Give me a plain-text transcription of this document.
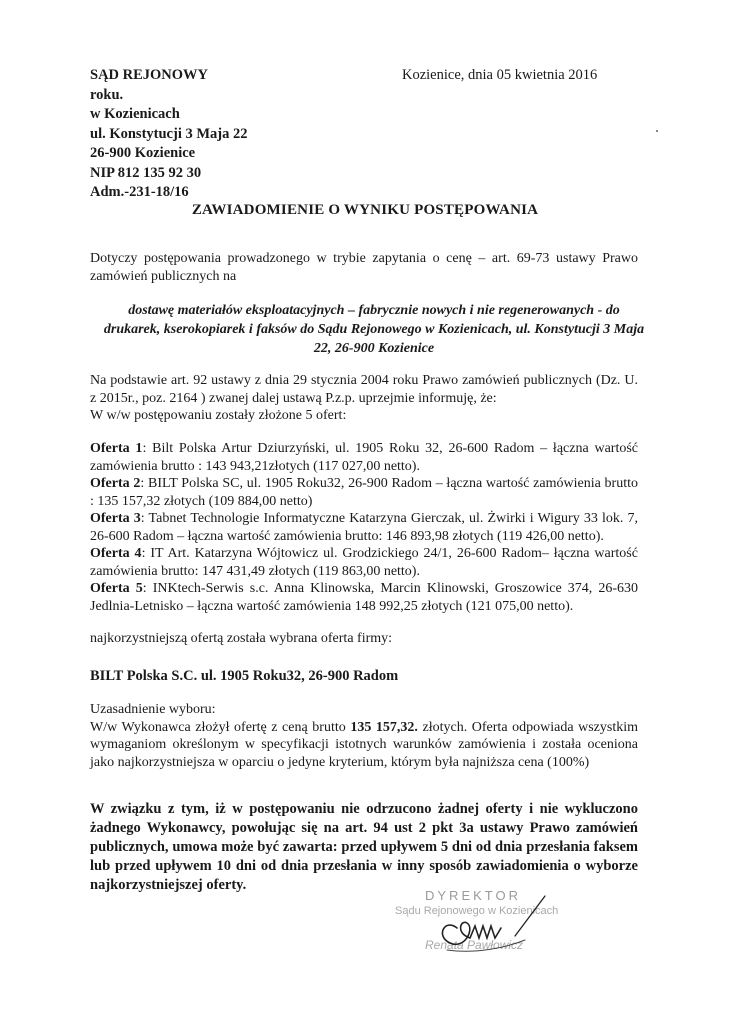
SĄD REJONOWY
roku.
w Kozienicach
ul. Konstytucji 3 Maja 22
26-900 Kozienice
NIP 812 135 92 30
Adm.-231-18/16
Kozienice, dnia 05 kwietnia 2016
ZAWIADOMIENIE O WYNIKU POSTĘPOWANIA
Dotyczy postępowania prowadzonego w trybie zapytania o cenę – art. 69-73 ustawy Prawo zamówień publicznych na
dostawę materiałów eksploatacyjnych – fabrycznie nowych i nie regenerowanych - do drukarek, kserokopiarek i faksów do Sądu Rejonowego w Kozienicach, ul. Konstytucji 3 Maja 22, 26-900 Kozienice
Na podstawie art. 92 ustawy z dnia 29 stycznia 2004 roku Prawo zamówień publicznych (Dz. U. z 2015r., poz. 2164 ) zwanej dalej ustawą P.z.p. uprzejmie informuję, że:
W w/w postępowaniu zostały złożone 5 ofert:
Oferta 1: Bilt Polska Artur Dziurzyński, ul. 1905 Roku 32, 26-600 Radom – łączna wartość zamówienia brutto : 143 943,21złotych (117 027,00 netto).
Oferta 2: BILT Polska SC, ul. 1905 Roku32, 26-900 Radom – łączna wartość zamówienia brutto : 135 157,32 złotych (109 884,00 netto)
Oferta 3: Tabnet Technologie Informatyczne Katarzyna Gierczak, ul. Żwirki i Wigury 33 lok. 7, 26-600 Radom – łączna wartość zamówienia brutto: 146 893,98 złotych (119 426,00 netto).
Oferta 4: IT Art. Katarzyna Wójtowicz ul. Grodzickiego 24/1, 26-600 Radom– łączna wartość zamówienia brutto: 147 431,49 złotych (119 863,00 netto).
Oferta 5: INKtech-Serwis s.c. Anna Klinowska, Marcin Klinowski, Groszowice 374, 26-630 Jedlnia-Letnisko – łączna wartość zamówienia 148 992,25 złotych (121 075,00 netto).
najkorzystniejszą ofertą została wybrana oferta firmy:
BILT Polska S.C. ul. 1905 Roku32, 26-900 Radom
Uzasadnienie wyboru:
W/w Wykonawca złożył ofertę z ceną brutto 135 157,32. złotych. Oferta odpowiada wszystkim wymaganiom określonym w specyfikacji istotnych warunków zamówienia i została oceniona jako najkorzystniejsza w oparciu o jedyne kryterium, którym była najniższa cena (100%)
W związku z tym, iż w postępowaniu nie odrzucono żadnej oferty i nie wykluczono żadnego Wykonawcy, powołując się na art. 94 ust 2 pkt 3a ustawy Prawo zamówień publicznych, umowa może być zawarta: przed upływem 5 dni od dnia przesłania faksem lub przed upływem 10 dni od dnia przesłania w inny sposób zawiadomienia o wyborze najkorzystniejszej oferty.
DYREKTOR
Sądu Rejonowego w Kozienicach
Renata Pawłowicz
